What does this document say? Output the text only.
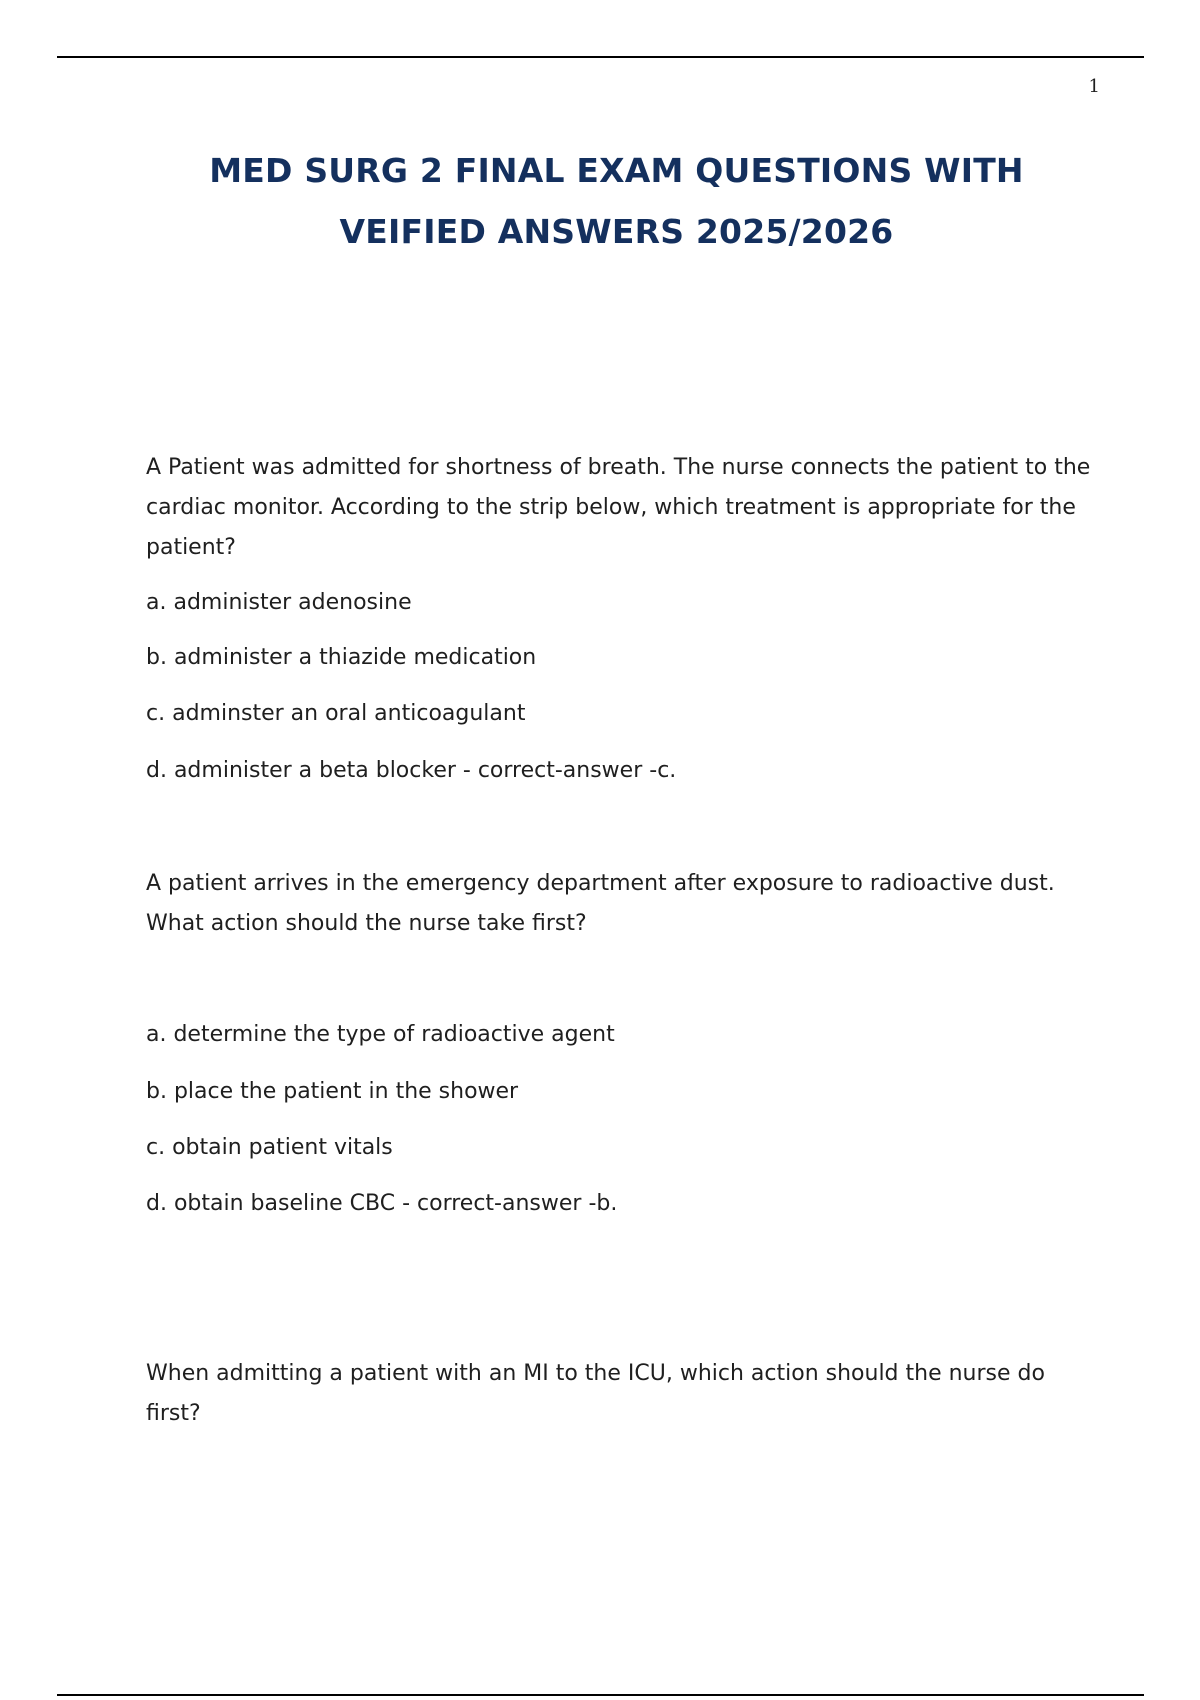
1
MED SURG 2 FINAL EXAM QUESTIONS WITH
VEIFIED ANSWERS 2025/2026

A Patient was admitted for shortness of breath. The nurse connects the patient to the cardiac monitor. According to the strip below, which treatment is appropriate for the patient?

a. administer adenosine

b. administer a thiazide medication

c. adminster an oral anticoagulant

d. administer a beta blocker - correct-answer -c.

A patient arrives in the emergency department after exposure to radioactive dust. What action should the nurse take first?

a. determine the type of radioactive agent

b. place the patient in the shower

c. obtain patient vitals

d. obtain baseline CBC - correct-answer -b.

When admitting a patient with an MI to the ICU, which action should the nurse do first?
